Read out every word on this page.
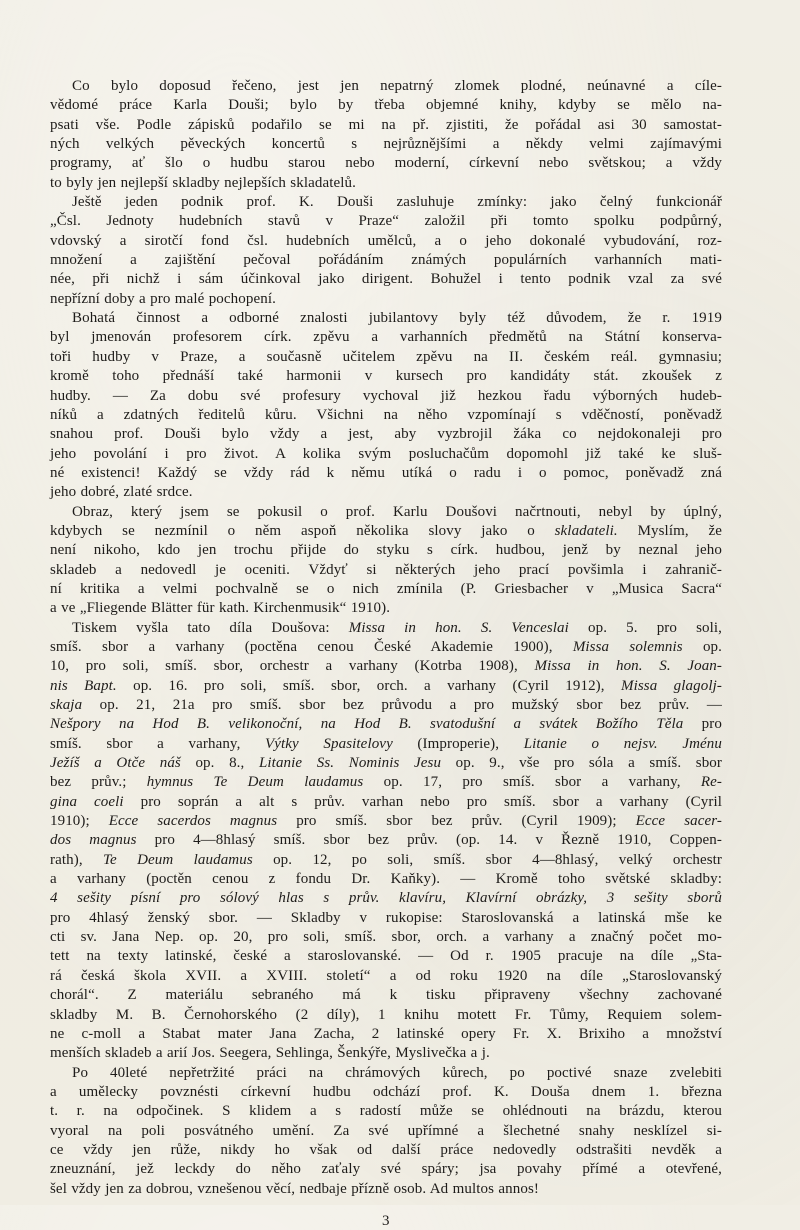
Co bylo doposud řečeno, jest jen nepatrný zlomek plodné, neúnavné a cíle-
vědomé práce Karla Douši; bylo by třeba objemné knihy, kdyby se mělo na-
psati vše. Podle zápisků podařilo se mi na př. zjistiti, že pořádal asi 30 samostat-
ných velkých pěveckých koncertů s nejrůznějšími a někdy velmi zajímavými
programy, ať šlo o hudbu starou nebo moderní, církevní nebo světskou; a vždy
to byly jen nejlepší skladby nejlepších skladatelů.
Ještě jeden podnik prof. K. Douši zasluhuje zmínky: jako čelný funkcionář
„Čsl. Jednoty hudebních stavů v Praze“ založil při tomto spolku podpůrný,
vdovský a sirotčí fond čsl. hudebních umělců, a o jeho dokonalé vybudování, roz-
množení a zajištění pečoval pořádáním známých populárních varhanních mati-
née, při nichž i sám účinkoval jako dirigent. Bohužel i tento podnik vzal za své
nepřízní doby a pro malé pochopení.
Bohatá činnost a odborné znalosti jubilantovy byly též důvodem, že r. 1919
byl jmenován profesorem círk. zpěvu a varhanních předmětů na Státní konserva-
toři hudby v Praze, a současně učitelem zpěvu na II. českém reál. gymnasiu;
kromě toho přednáší také harmonii v kursech pro kandidáty stát. zkoušek z
hudby. — Za dobu své profesury vychoval již hezkou řadu výborných hudeb-
níků a zdatných ředitelů kůru. Všichni na něho vzpomínají s vděčností, poněvadž
snahou prof. Douši bylo vždy a jest, aby vyzbrojil žáka co nejdokonaleji pro
jeho povolání i pro život. A kolika svým posluchačům dopomohl již také ke sluš-
né existenci! Každý se vždy rád k němu utíká o radu i o pomoc, poněvadž zná
jeho dobré, zlaté srdce.
Obraz, který jsem se pokusil o prof. Karlu Doušovi načrtnouti, nebyl by úplný,
kdybych se nezmínil o něm aspoň několika slovy jako o skladateli. Myslím, že
není nikoho, kdo jen trochu přijde do styku s círk. hudbou, jenž by neznal jeho
skladeb a nedovedl je oceniti. Vždyť si některých jeho prací povšimla i zahranič-
ní kritika a velmi pochvalně se o nich zmínila (P. Griesbacher v „Musica Sacra“
a ve „Fliegende Blätter für kath. Kirchenmusik“ 1910).
Tiskem vyšla tato díla Doušova: Missa in hon. S. Venceslai op. 5. pro soli,
smíš. sbor a varhany (poctěna cenou České Akademie 1900), Missa solemnis op.
10, pro soli, smíš. sbor, orchestr a varhany (Kotrba 1908), Missa in hon. S. Joan-
nis Bapt. op. 16. pro soli, smíš. sbor, orch. a varhany (Cyril 1912), Missa glagolj-
skaja op. 21, 21a pro smíš. sbor bez průvodu a pro mužský sbor bez prův. —
Nešpory na Hod B. velikonoční, na Hod B. svatodušní a svátek Božího Těla pro
smíš. sbor a varhany, Výtky Spasitelovy (Improperie), Litanie o nejsv. Jménu
Ježíš a Otče náš op. 8., Litanie Ss. Nominis Jesu op. 9., vše pro sóla a smíš. sbor
bez prův.; hymnus Te Deum laudamus op. 17, pro smíš. sbor a varhany, Re-
gina coeli pro soprán a alt s prův. varhan nebo pro smíš. sbor a varhany (Cyril
1910); Ecce sacerdos magnus pro smíš. sbor bez prův. (Cyril 1909); Ecce sacer-
dos magnus pro 4—8hlasý smíš. sbor bez prův. (op. 14. v Řezně 1910, Coppen-
rath), Te Deum laudamus op. 12, po soli, smíš. sbor 4—8hlasý, velký orchestr
a varhany (poctěn cenou z fondu Dr. Kaňky). — Kromě toho světské skladby:
4 sešity písní pro sólový hlas s prův. klavíru, Klavírní obrázky, 3 sešity sborů
pro 4hlasý ženský sbor. — Skladby v rukopise: Staroslovanská a latinská mše ke
cti sv. Jana Nep. op. 20, pro soli, smíš. sbor, orch. a varhany a značný počet mo-
tett na texty latinské, české a staroslovanské. — Od r. 1905 pracuje na díle „Sta-
rá česká škola XVII. a XVIII. století“ a od roku 1920 na díle „Staroslovanský
chorál“. Z materiálu sebraného má k tisku připraveny všechny zachované
skladby M. B. Černohorského (2 díly), 1 knihu motett Fr. Tůmy, Requiem solem-
ne c-moll a Stabat mater Jana Zacha, 2 latinské opery Fr. X. Brixiho a množství
menších skladeb a arií Jos. Seegera, Sehlinga, Šenkýře, Myslivečka a j.
Po 40leté nepřetržité práci na chrámových kůrech, po poctivé snaze zvelebiti
a umělecky povznésti církevní hudbu odchází prof. K. Douša dnem 1. března
t. r. na odpočinek. S klidem a s radostí může se ohlédnouti na brázdu, kterou
vyoral na poli posvátného umění. Za své upřímné a šlechetné snahy nesklízel si-
ce vždy jen růže, nikdy ho však od další práce nedovedly odstrašiti nevděk a
zneuznání, jež leckdy do něho zaťaly své spáry; jsa povahy přímé a otevřené,
šel vždy jen za dobrou, vznešenou věcí, nedbaje přízně osob. Ad multos annos!
3
